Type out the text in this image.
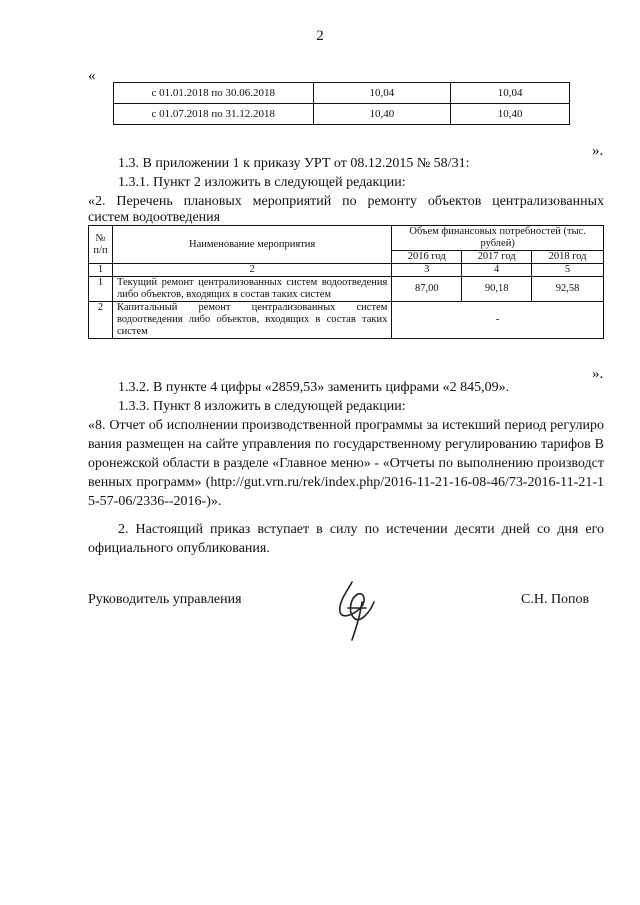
2
«
с 01.01.2018 по 30.06.2018	10,04	10,04
с 01.07.2018 по 31.12.2018	10,40	10,40
».
1.3. В приложении 1 к приказу УРТ от 08.12.2015 № 58/31:
1.3.1. Пункт 2 изложить в следующей редакции:
«2. Перечень плановых мероприятий по ремонту объектов централизованных
систем водоотведения
№
п/п	Наименование мероприятия	Объем финансовых потребностей (тыс. рублей)		
		2016 год	2017 год	2018 год
1	2	3	4	5
1	Текущий ремонт централизованных систем водоотведения либо объектов, входящих в состав таких систем	87,00	90,18	92,58
2	Капитальный ремонт централизованных систем водоотведения либо объектов, входящих в состав таких систем	-		
».
1.3.2. В пункте 4 цифры «2859,53» заменить цифрами «2 845,09».
1.3.3. Пункт 8 изложить в следующей редакции:
«8. Отчет об исполнении производственной программы за истекший период регулирования размещен на сайте управления по государственному регулированию тарифов Воронежской области в разделе «Главное меню» - «Отчеты по выполнению производственных программ» (http://gut.vrn.ru/rek/index.php/2016-11-21-16-08-46/73-2016-11-21-15-57-06/2336--2016-)».
2. Настоящий приказ вступает в силу по истечении десяти дней со дня его официального опубликования.
Руководитель управления	С.Н. Попов
